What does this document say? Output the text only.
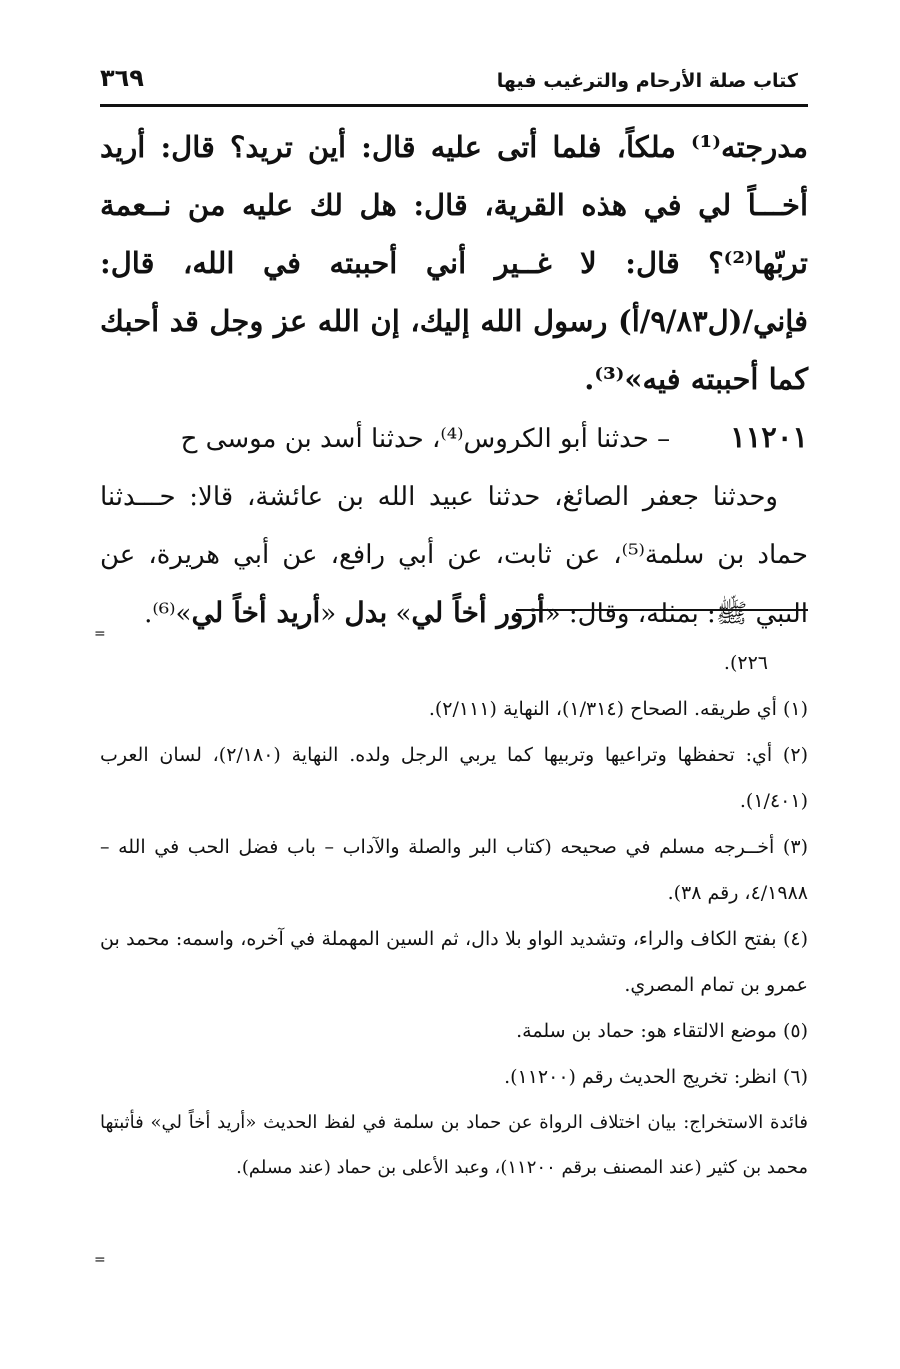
كتاب صلة الأرحام والترغيب فيها
٣٦٩

مدرجته⁽¹⁾ ملكاً، فلما أتى عليه قال: أين تريد؟ قال: أريد أخـــاً لي في هذه القرية، قال: هل لك عليه من نــعمة تربّها⁽²⁾؟ قال: لا غــير أني أحببته في الله، قال: فإني/(ل٩/٨٣/أ) رسول الله إليك، إن الله عز وجل قد أحبك كما أحببته فيه»⁽³⁾.

١١٢٠١– حدثنا أبو الكروس⁽⁴⁾، حدثنا أسد بن موسى ح
وحدثنا جعفر الصائغ، حدثنا عبيد الله بن عائشة، قالا: حـــدثنا حماد بن سلمة⁽⁵⁾، عن ثابت، عن أبي رافع، عن أبي هريرة، عن النبي ﷺ: بمثله، وقال: «أزور أخاً لي» بدل «أريد أخاً لي»⁽⁶⁾.

=

٢٢٦).

(١) أي طريقه. الصحاح (١/٣١٤)، النهاية (٢/١١١).

(٢) أي: تحفظها وتراعيها وتربيها كما يربي الرجل ولده. النهاية (٢/١٨٠)، لسان العرب (١/٤٠١).

(٣) أخــرجه مسلم في صحيحه (كتاب البر والصلة والآداب – باب فضل الحب في الله – ٤/١٩٨٨، رقم ٣٨).

(٤) بفتح الكاف والراء، وتشديد الواو بلا دال، ثم السين المهملة في آخره، واسمه: محمد بن عمرو بن تمام المصري.

(٥) موضع الالتقاء هو: حماد بن سلمة.

(٦) انظر: تخريج الحديث رقم (١١٢٠٠).

فائدة الاستخراج: بيان اختلاف الرواة عن حماد بن سلمة في لفظ الحديث «أريد أخاً لي» فأثبتها محمد بن كثير (عند المصنف برقم ١١٢٠٠)، وعبد الأعلى بن حماد (عند مسلم).

=
